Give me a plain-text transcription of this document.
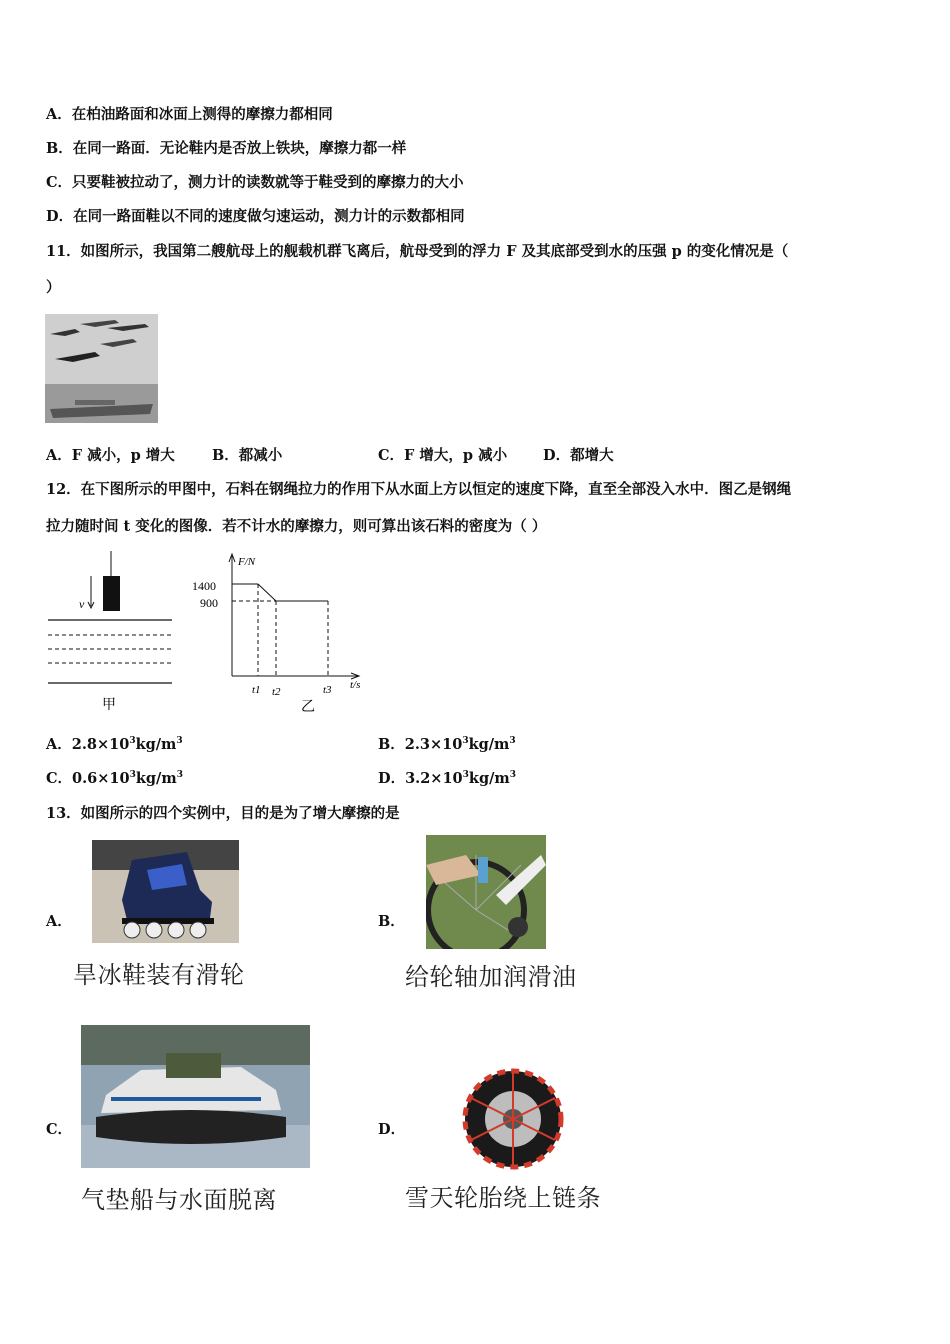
A．在柏油路面和冰面上测得的摩擦力都相同
B．在同一路面．无论鞋内是否放上铁块，摩擦力都一样
C．只要鞋被拉动了，测力计的读数就等于鞋受到的摩擦力的大小
D．在同一路面鞋以不同的速度做匀速运动，测力计的示数都相同
11．如图所示，我国第二艘航母上的舰载机群飞离后，航母受到的浮力 F 及其底部受到水的压强 p 的变化情况是（
）
A．F 减小，p 增大	B．都减小	C．F 增大，p 减小 D．都增大
12．在下图所示的甲图中，石料在钢绳拉力的作用下从水面上方以恒定的速度下降，直至全部没入水中．图乙是钢绳
拉力随时间 t 变化的图像．若不计水的摩擦力，则可算出该石料的密度为（ ）
v
甲
F/N
t/s
1400
900
t1 t2	t3
乙
A．$2.8\times 10^3kg/m^3$	B．$2.3\times 10^3kg/m^3$
C．$0.6\times 10^3kg/m^3$	D．$3.2\times 10^3kg/m^3$
13．如图所示的四个实例中，目的是为了增大摩擦的是
A．
旱冰鞋装有滑轮
B．
给轮轴加润滑油
C．
气垫船与水面脱离
D．
雪天轮胎绕上链条
